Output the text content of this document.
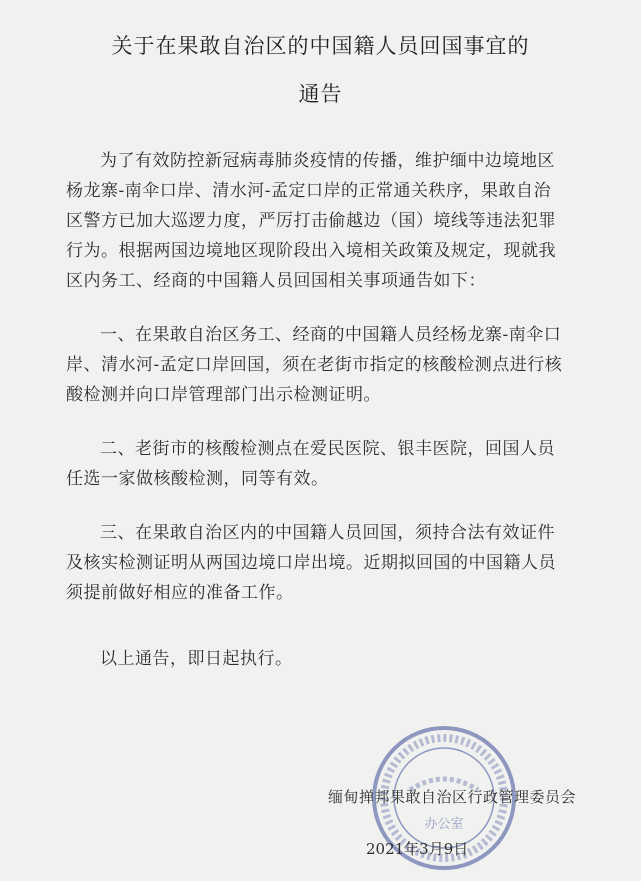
关于在果敢自治区的中国籍人员回国事宜的
通告

为了有效防控新冠病毒肺炎疫情的传播，维护缅中边境地区杨龙寨-南伞口岸、清水河-孟定口岸的正常通关秩序，果敢自治区警方已加大巡逻力度，严厉打击偷越边（国）境线等违法犯罪行为。根据两国边境地区现阶段出入境相关政策及规定，现就我区内务工、经商的中国籍人员回国相关事项通告如下：

一、在果敢自治区务工、经商的中国籍人员经杨龙寨-南伞口岸、清水河-孟定口岸回国，须在老街市指定的核酸检测点进行核酸检测并向口岸管理部门出示检测证明。

二、老街市的核酸检测点在爱民医院、银丰医院，回国人员任选一家做核酸检测，同等有效。

三、在果敢自治区内的中国籍人员回国，须持合法有效证件及核实检测证明从两国边境口岸出境。近期拟回国的中国籍人员须提前做好相应的准备工作。

以上通告，即日起执行。

办公室
缅甸掸邦果敢自治区行政管理委员会
2021年3月9日
